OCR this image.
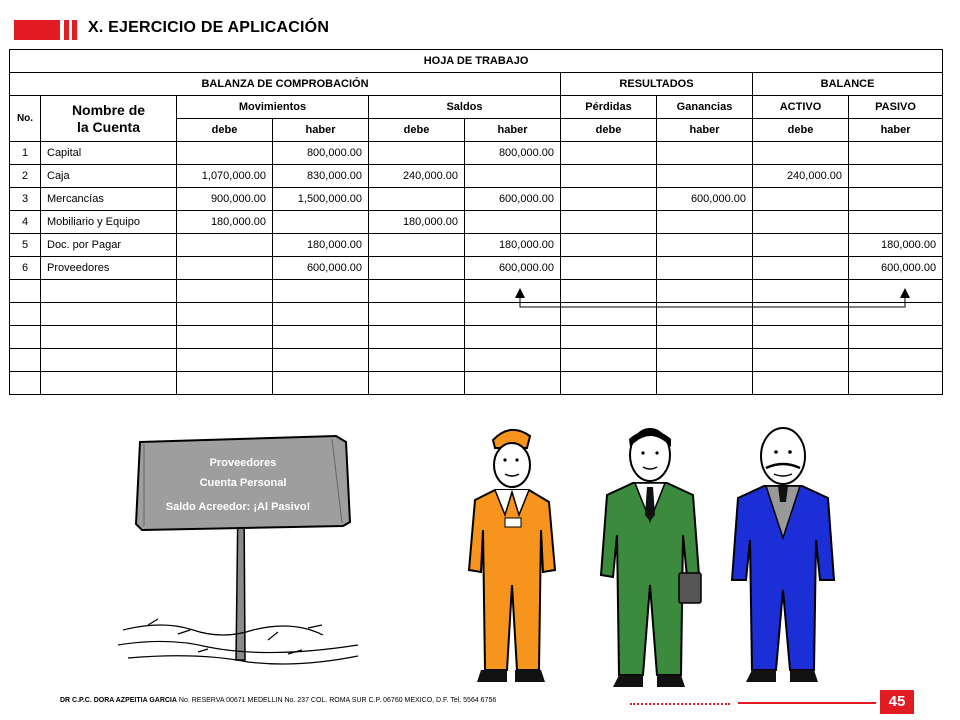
X. EJERCICIO DE APLICACIÓN
HOJA DE TRABAJO									
BALANZA DE COMPROBACIÓN						RESULTADOS		BALANCE	
No.	Nombre de
la Cuenta	Movimientos		Saldos		Pérdidas	Ganancias	ACTIVO	PASIVO
		debe	haber	debe	haber	debe	haber	debe	haber
1	Capital		800,000.00		800,000.00				
2	Caja	1,070,000.00	830,000.00	240,000.00				240,000.00	
3	Mercancías	900,000.00	1,500,000.00		600,000.00		600,000.00		
4	Mobiliario y Equipo	180,000.00		180,000.00					
5	Doc. por Pagar		180,000.00		180,000.00				180,000.00
6	Proveedores		600,000.00		600,000.00				600,000.00

Proveedores
Cuenta Personal
Saldo Acreedor: ¡Al Pasivo!
DR C.P.C. DORA AZPEITIA GARCIA No. RESERVA 00671 MEDELLIN No. 237 COL. ROMA SUR C.P. 06760 MEXICO, D.F. Tel. 5564 6756	45
